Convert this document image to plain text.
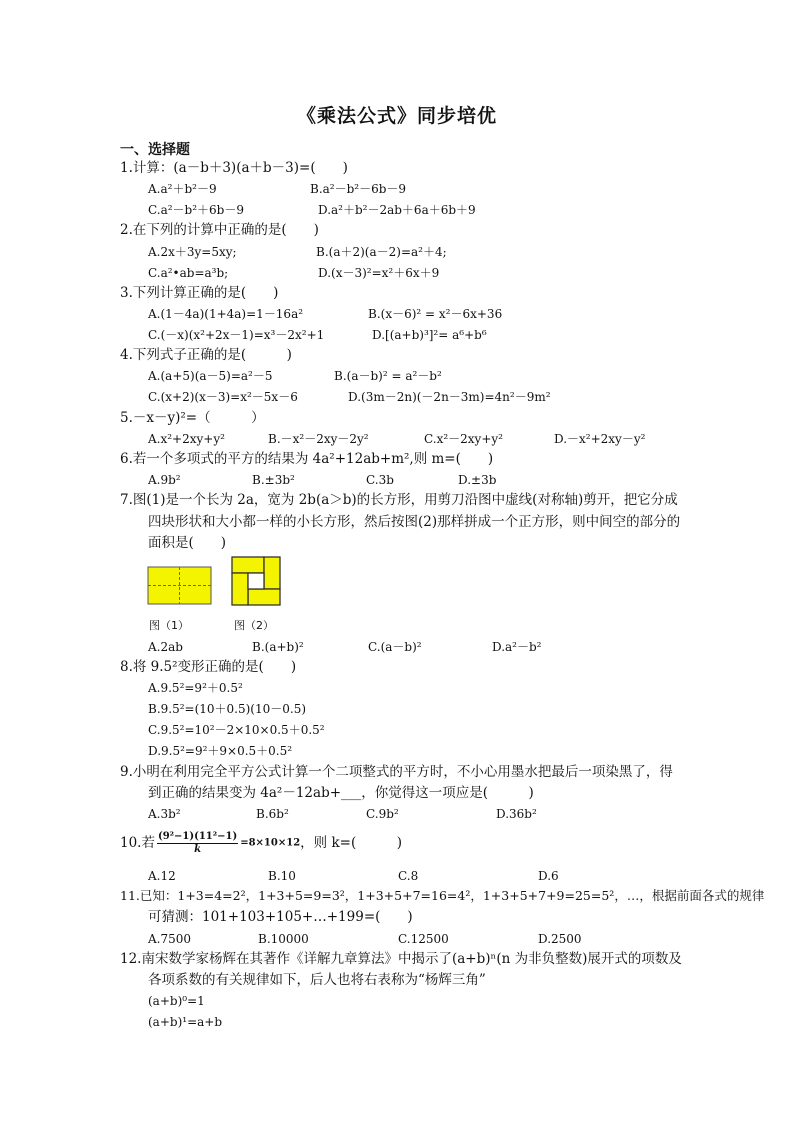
《乘法公式》同步培优
一、选择题
1.计算：(a－b＋3)(a＋b－3)=(　　)
A.a²＋b²－9	B.a²－b²－6b－9
C.a²－b²＋6b－9	D.a²＋b²－2ab＋6a＋6b＋9
2.在下列的计算中正确的是(　　)
A.2x＋3y=5xy;	B.(a＋2)(a－2)=a²＋4;
C.a²•ab=a³b;	D.(x－3)²=x²＋6x＋9
3.下列计算正确的是(　　)
A.(1－4a)(1+4a)=1－16a²	B.(x－6)² = x²－6x+36
C.(－x)(x²+2x－1)=x³－2x²+1	D.[(a+b)³]²= a⁶+b⁶
4.下列式子正确的是(　　　)
A.(a+5)(a－5)=a²－5	B.(a－b)² = a²－b²
C.(x+2)(x－3)=x²－5x－6	D.(3m－2n)(－2n－3m)=4n²－9m²
5.－x－y)²=（　　　）
A.x²+2xy+y²	B.－x²－2xy－2y²	C.x²－2xy+y²	D.－x²+2xy－y²
6.若一个多项式的平方的结果为 4a²+12ab+m²,则 m=(　　)
A.9b²	B.±3b²	C.3b	D.±3b
7.图(1)是一个长为 2a，宽为 2b(a＞b)的长方形，用剪刀沿图中虚线(对称轴)剪开，把它分成
四块形状和大小都一样的小长方形，然后按图(2)那样拼成一个正方形，则中间空的部分的
面积是(　　)
图（1）	图（2）
A.2ab	B.(a+b)²	C.(a－b)²	D.a²－b²
8.将 9.5²变形正确的是(　　)
A.9.5²=9²＋0.5²
B.9.5²=(10＋0.5)(10－0.5)
C.9.5²=10²－2×10×0.5＋0.5²
D.9.5²=9²＋9×0.5＋0.5²
9.小明在利用完全平方公式计算一个二项整式的平方时，不小心用墨水把最后一项染黑了，得
到正确的结果变为 4a²－12ab+___，你觉得这一项应是(　　　)
A.3b²	B.6b²	C.9b²	D.36b²
10.若 $\frac{\text{(9²−1)(11²−1)}}{k} =8\times 10\times 12$，则 k=(　　　)
A.12	B.10	C.8	D.6
11.已知：1+3=4=2²，1+3+5=9=3²，1+3+5+7=16=4²，1+3+5+7+9=25=5²，…，根据前面各式的规律
可猜测：101+103+105+…+199=(　　)
A.7500	B.10000	C.12500	D.2500
12.南宋数学家杨辉在其著作《详解九章算法》中揭示了(a+b)ⁿ(n 为非负整数)展开式的项数及
各项系数的有关规律如下，后人也将右表称为“杨辉三角”
(a+b)⁰=1
(a+b)¹=a+b
